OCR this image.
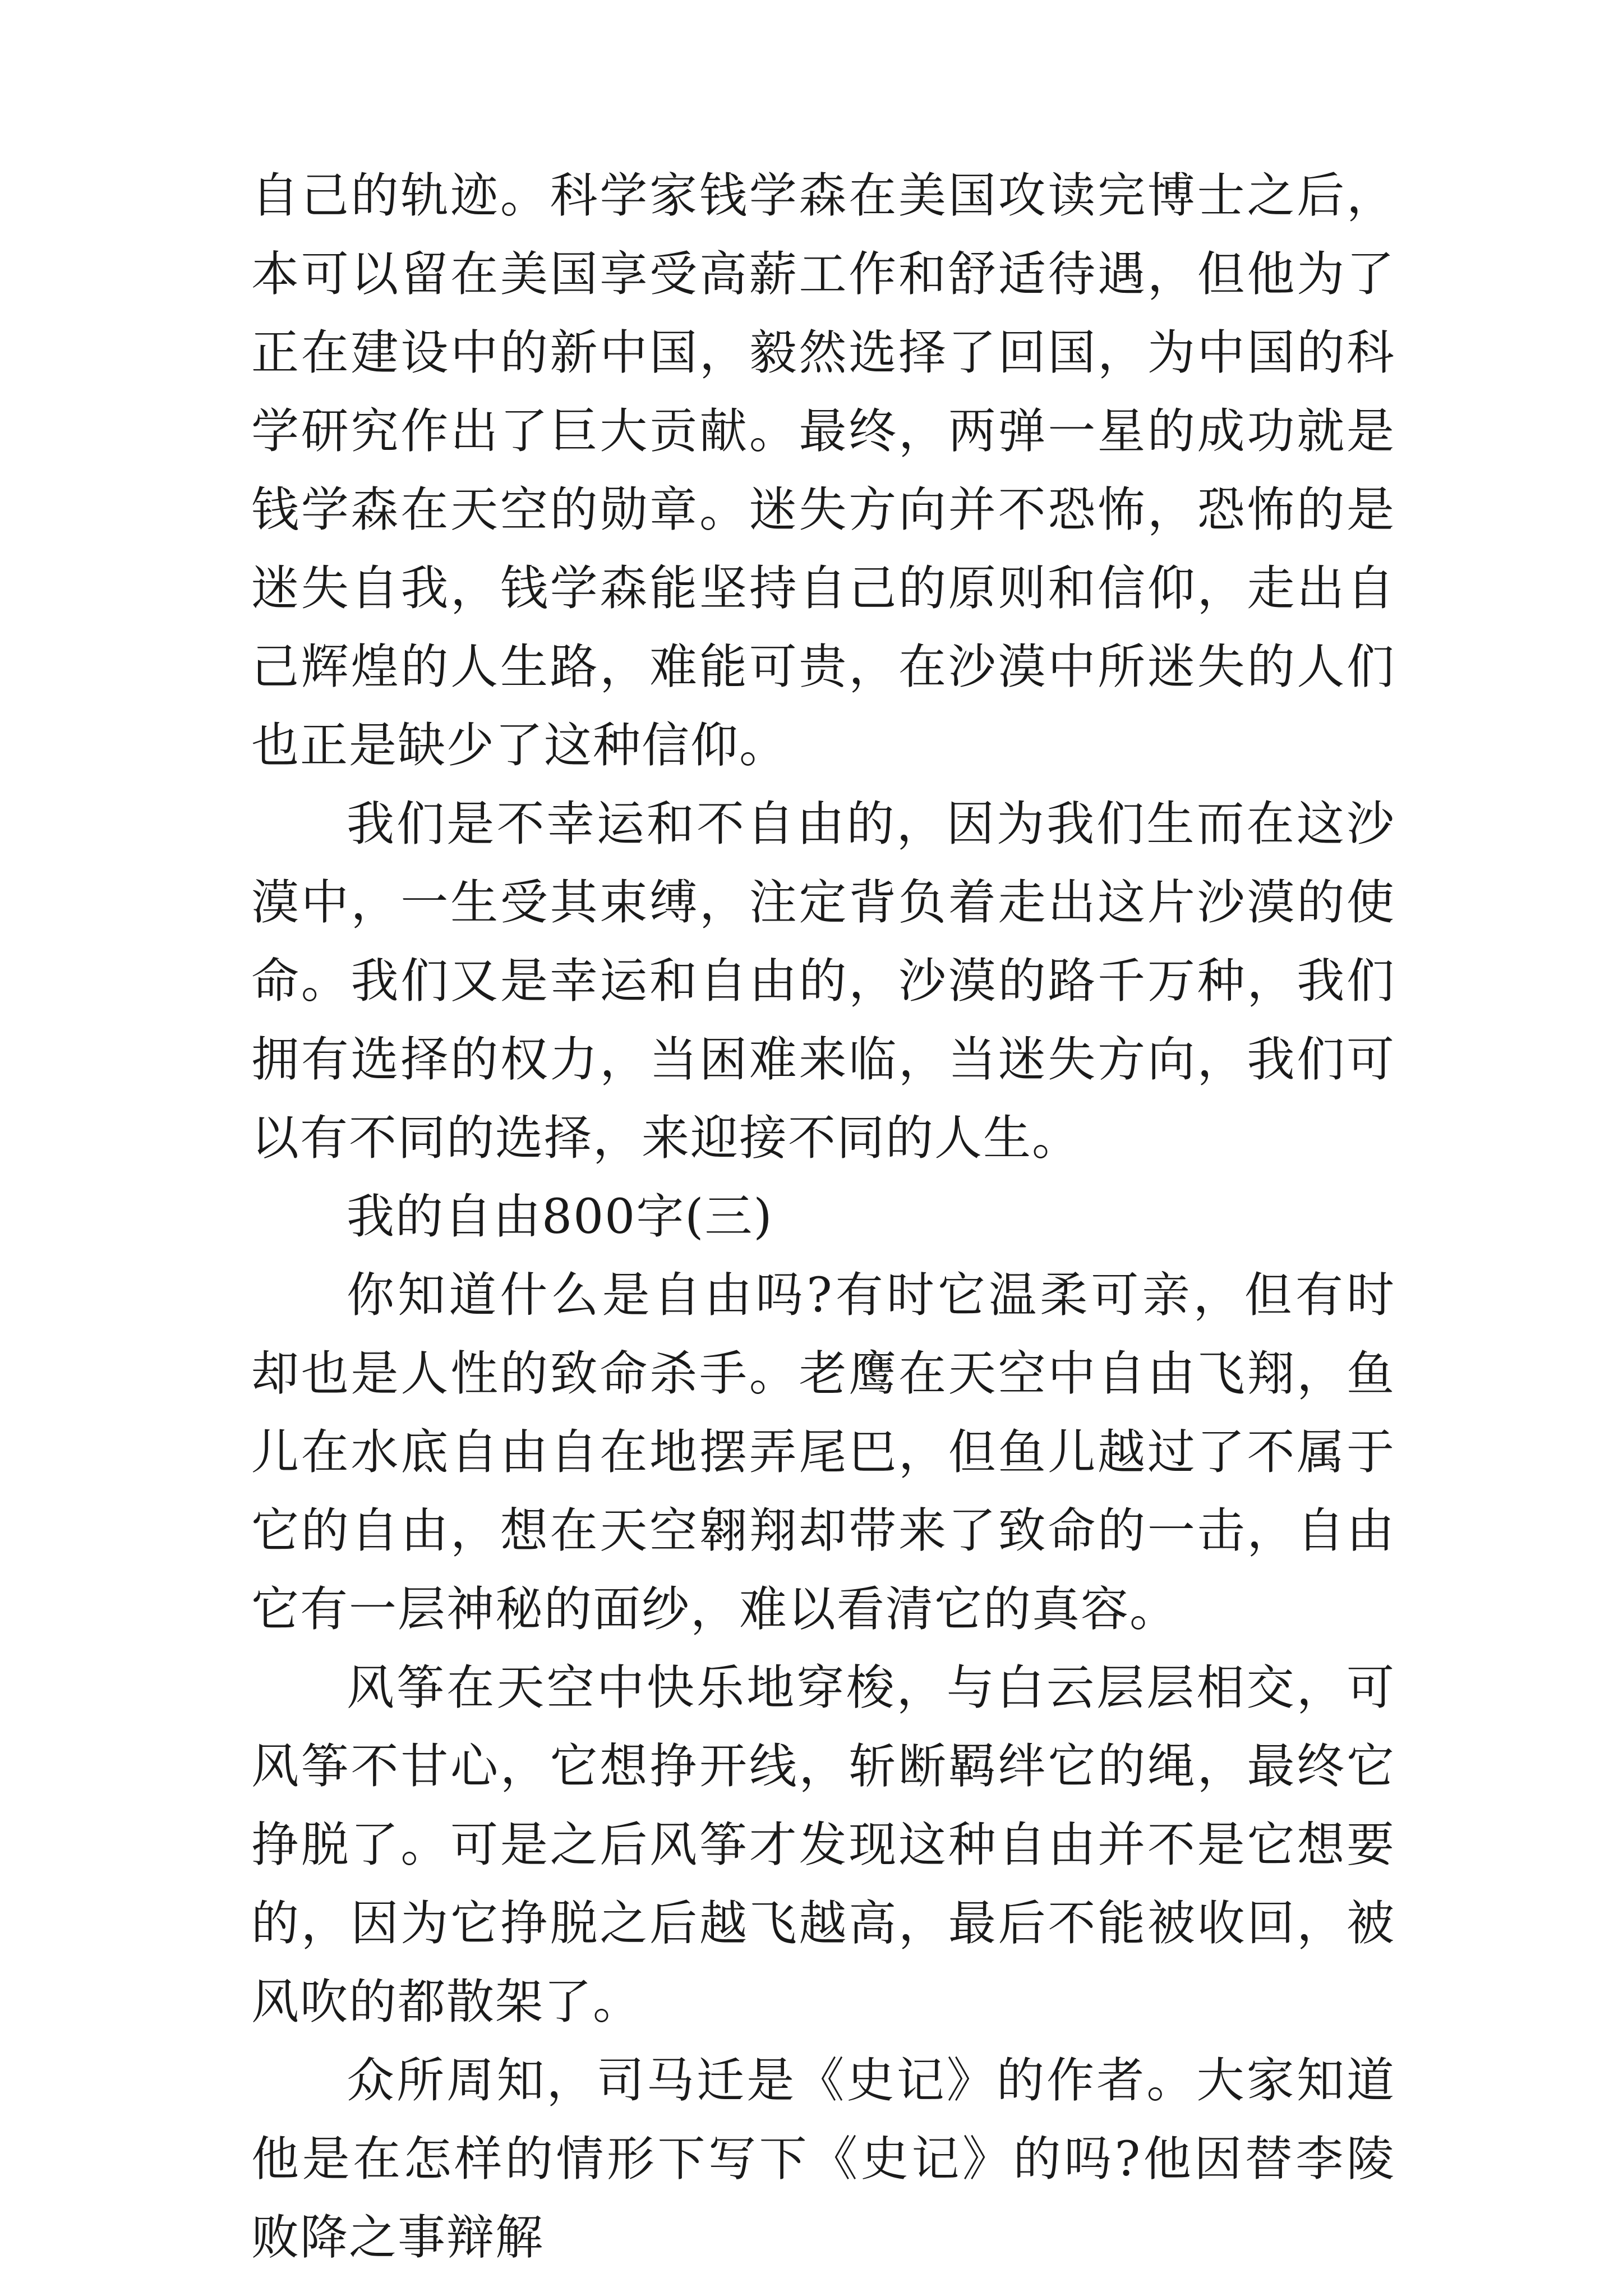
自己的轨迹。科学家钱学森在美国攻读完博士之后，本可以留在美国享受高薪工作和舒适待遇，但他为了正在建设中的新中国，毅然选择了回国，为中国的科学研究作出了巨大贡献。最终，两弹一星的成功就是钱学森在天空的勋章。迷失方向并不恐怖，恐怖的是迷失自我，钱学森能坚持自己的原则和信仰，走出自己辉煌的人生路，难能可贵，在沙漠中所迷失的人们也正是缺少了这种信仰。

我们是不幸运和不自由的，因为我们生而在这沙漠中，一生受其束缚，注定背负着走出这片沙漠的使命。我们又是幸运和自由的，沙漠的路千万种，我们拥有选择的权力，当困难来临，当迷失方向，我们可以有不同的选择，来迎接不同的人生。

我的自由800字(三)

你知道什么是自由吗?有时它温柔可亲，但有时却也是人性的致命杀手。老鹰在天空中自由飞翔，鱼儿在水底自由自在地摆弄尾巴，但鱼儿越过了不属于它的自由，想在天空翱翔却带来了致命的一击，自由它有一层神秘的面纱，难以看清它的真容。

风筝在天空中快乐地穿梭，与白云层层相交，可风筝不甘心，它想挣开线，斩断羁绊它的绳，最终它挣脱了。可是之后风筝才发现这种自由并不是它想要的，因为它挣脱之后越飞越高，最后不能被收回，被风吹的都散架了。

众所周知，司马迁是《史记》的作者。大家知道他是在怎样的情形下写下《史记》的吗?他因替李陵败降之事辩解
